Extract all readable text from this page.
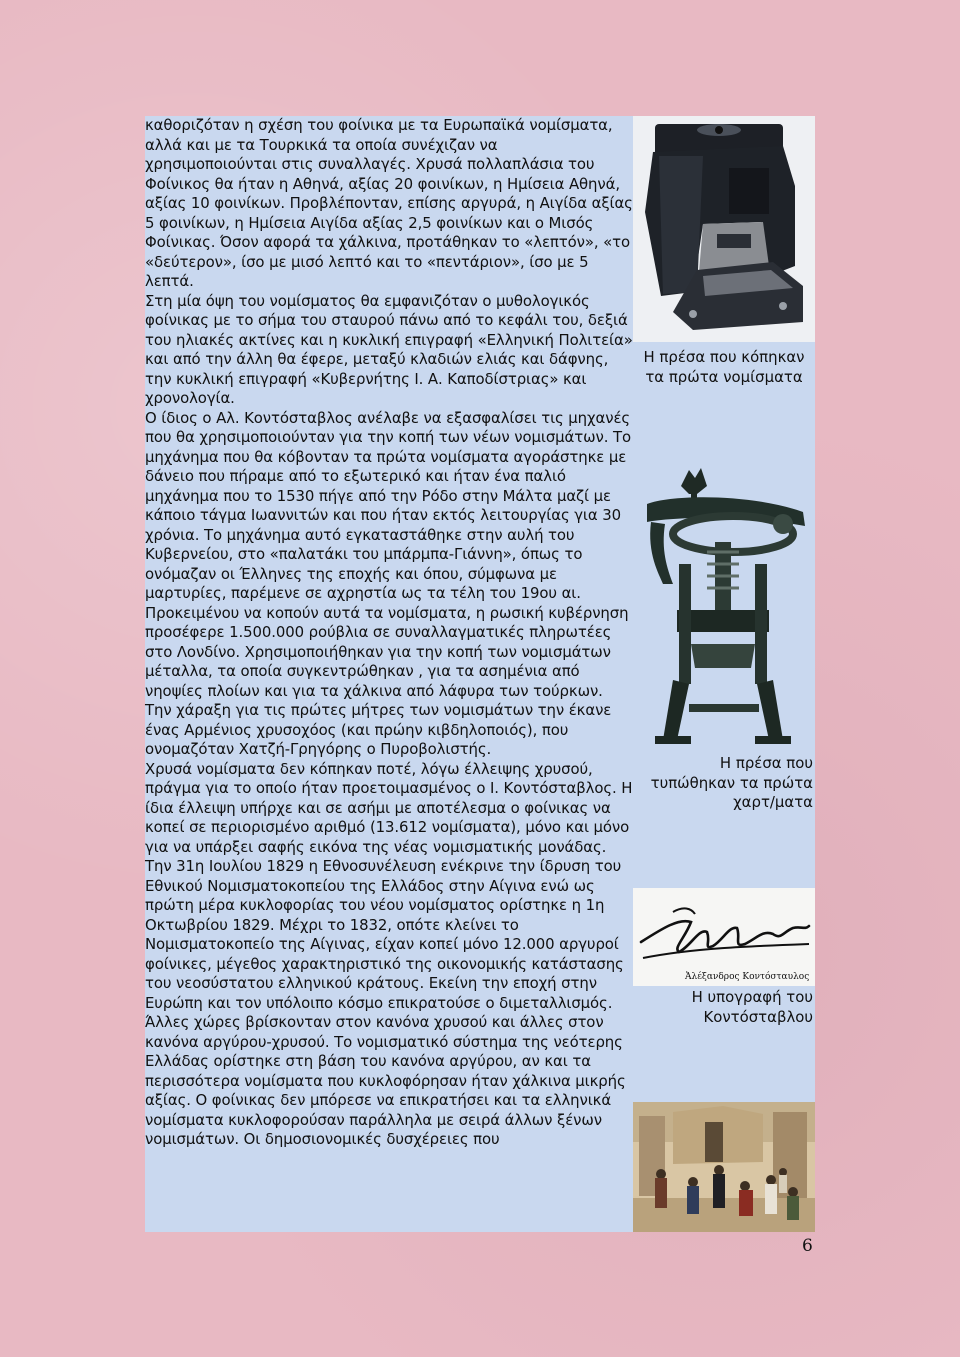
καθοριζόταν η σχέση του φοίνικα με τα Ευρωπαϊκά νομίσματα, αλλά και με τα Τουρκικά τα οποία συνέχιζαν να χρησιμοποιούνται στις συναλλαγές. Χρυσά πολλαπλάσια του Φοίνικος θα ήταν η Αθηνά, αξίας 20 φοινίκων, η Ημίσεια Αθηνά, αξίας 10 φοινίκων. Προβλέπονταν, επίσης αργυρά, η Αιγίδα αξίας 5 φοινίκων, η Ημίσεια Αιγίδα αξίας 2,5 φοινίκων και ο Μισός Φοίνικας. Όσον αφορά τα χάλκινα, προτάθηκαν το «λεπτόν», «το «δεύτερον», ίσο με μισό λεπτό και το «πεντάριον», ίσο με 5 λεπτά.

Στη μία όψη του νομίσματος θα εμφανιζόταν ο μυθολογικός φοίνικας με το σήμα του σταυρού πάνω από το κεφάλι του, δεξιά του ηλιακές ακτίνες και η κυκλική επιγραφή «Ελληνική Πολιτεία» και από την άλλη θα έφερε, μεταξύ κλαδιών ελιάς και δάφνης, την κυκλική επιγραφή «Κυβερνήτης Ι. Α. Καποδίστριας» και χρονολογία.

Ο ίδιος ο Αλ. Κοντόσταβλος ανέλαβε να εξασφαλίσει τις μηχανές που θα χρησιμοποιούνταν για την κοπή των νέων νομισμάτων. Το μηχάνημα που θα κόβονταν τα πρώτα νομίσματα αγοράστηκε με δάνειο που πήραμε από το εξωτερικό και ήταν ένα παλιό μηχάνημα που το 1530 πήγε από την Ρόδο στην Μάλτα μαζί με κάποιο τάγμα Ιωαννιτών και που ήταν εκτός λειτουργίας για 30 χρόνια. Το μηχάνημα αυτό εγκαταστάθηκε στην αυλή του Κυβερνείου, στο «παλατάκι του μπάρμπα-Γιάννη», όπως το ονόμαζαν οι Έλληνες της εποχής και όπου, σύμφωνα με μαρτυρίες, παρέμενε σε αχρηστία ως τα τέλη του 19ου αι. Προκειμένου να κοπούν αυτά τα νομίσματα, η ρωσική κυβέρνηση προσέφερε 1.500.000 ρούβλια σε συναλλαγματικές πληρωτέες στο Λονδίνο. Χρησιμοποιήθηκαν για την κοπή των νομισμάτων μέταλλα, τα οποία συγκεντρώθηκαν , για τα ασημένια από νηοψίες πλοίων και για τα χάλκινα από λάφυρα των τούρκων. Την χάραξη για τις πρώτες μήτρες των νομισμάτων την έκανε ένας Αρμένιος χρυσοχόος (και πρώην κιβδηλοποιός), που ονομαζόταν Χατζή-Γρηγόρης ο Πυροβολιστής.

Χρυσά νομίσματα δεν κόπηκαν ποτέ, λόγω έλλειψης χρυσού, πράγμα για το οποίο ήταν προετοιμασμένος ο Ι. Κοντόσταβλος. Η ίδια έλλειψη υπήρχε και σε ασήμι με αποτέλεσμα ο φοίνικας να κοπεί σε περιορισμένο αριθμό (13.612 νομίσματα), μόνο και μόνο για να υπάρξει σαφής εικόνα της νέας νομισματικής μονάδας. Την 31η Ιουλίου 1829 η Εθνοσυνέλευση ενέκρινε την ίδρυση του Εθνικού Νομισματοκοπείου της Ελλάδος στην Αίγινα ενώ ως πρώτη μέρα κυκλοφορίας του νέου νομίσματος ορίστηκε η 1η Οκτωβρίου 1829. Μέχρι το 1832, οπότε κλείνει το Νομισματοκοπείο της Αίγινας, είχαν κοπεί μόνο 12.000 αργυροί φοίνικες, μέγεθος χαρακτηριστικό της οικονομικής κατάστασης του νεοσύστατου ελληνικού κράτους. Εκείνη την εποχή στην Ευρώπη και τον υπόλοιπο κόσμο επικρατούσε ο διμεταλλισμός. Άλλες χώρες βρίσκονταν στον κανόνα χρυσού και άλλες στον κανόνα αργύρου-χρυσού. Το νομισματικό σύστημα της νεότερης Ελλάδας ορίστηκε στη βάση του κανόνα αργύρου, αν και τα περισσότερα νομίσματα που κυκλοφόρησαν ήταν χάλκινα μικρής αξίας. Ο φοίνικας δεν μπόρεσε να επικρατήσει και τα ελληνικά νομίσματα κυκλοφορούσαν παράλληλα με σειρά άλλων ξένων νομισμάτων. Οι δημοσιονομικές δυσχέρειες που

Η πρέσα που κόπηκαν
τα πρώτα νομίσματα
Η πρέσα που
τυπώθηκαν τα πρώτα
χαρτ/ματα
Ἀλέξανδρος Κοντόσταυλος
Η υπογραφή του
Κοντόσταβλου
6
